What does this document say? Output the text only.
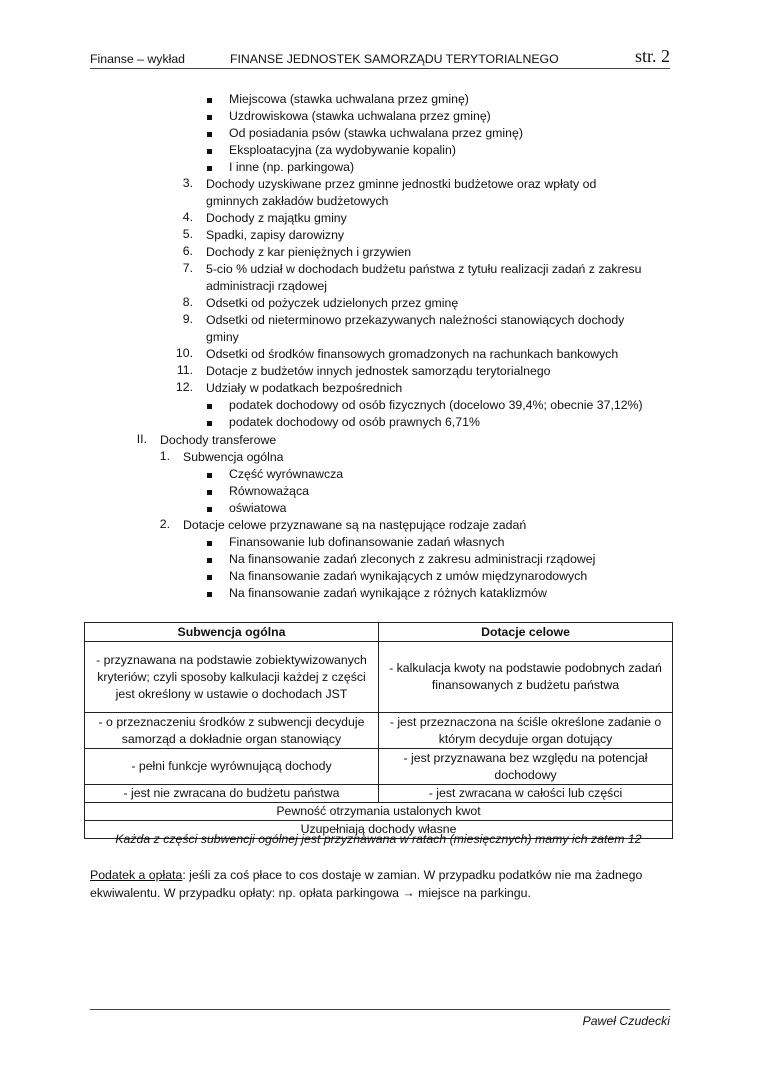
Finanse – wykład	FINANSE JEDNOSTEK SAMORZĄDU TERYTORIALNEGO	str. 2
Miejscowa (stawka uchwalana przez gminę)
Uzdrowiskowa (stawka uchwalana przez gminę)
Od posiadania psów (stawka uchwalana przez gminę)
Eksploatacyjna (za wydobywanie kopalin)
I inne (np. parkingowa)
3. Dochody uzyskiwane przez gminne jednostki budżetowe oraz wpłaty od
gminnych zakładów budżetowych
4. Dochody z majątku gminy
5. Spadki, zapisy darowizny
6. Dochody z kar pieniężnych i grzywien
7. 5-cio % udział w dochodach budżetu państwa z tytułu realizacji zadań z zakresu
administracji rządowej
8. Odsetki od pożyczek udzielonych przez gminę
9. Odsetki od nieterminowo przekazywanych należności stanowiących dochody
gminy
10. Odsetki od środków finansowych gromadzonych na rachunkach bankowych
11. Dotacje z budżetów innych jednostek samorządu terytorialnego
12. Udziały w podatkach bezpośrednich
podatek dochodowy od osób fizycznych (docelowo 39,4%; obecnie 37,12%)
podatek dochodowy od osób prawnych 6,71%
II. Dochody transferowe
1. Subwencja ogólna
Część wyrównawcza
Równoważąca
oświatowa
2. Dotacje celowe przyznawane są na następujące rodzaje zadań
Finansowanie lub dofinansowanie zadań własnych
Na finansowanie zadań zleconych z zakresu administracji rządowej
Na finansowanie zadań wynikających z umów międzynarodowych
Na finansowanie zadań wynikające z różnych kataklizmów
Subwencja ogólna	Dotacje celowe
- przyznawana na podstawie zobiektywizowanych kryteriów; czyli sposoby kalkulacji każdej z części jest określony w ustawie o dochodach JST	- kalkulacja kwoty na podstawie podobnych zadań finansowanych z budżetu państwa
- o przeznaczeniu środków z subwencji decyduje samorząd a dokładnie organ stanowiący	- jest przeznaczona na ściśle określone zadanie o którym decyduje organ dotujący
- pełni funkcje wyrównującą dochody	- jest przyznawana bez względu na potencjał dochodowy
- jest nie zwracana do budżetu państwa	- jest zwracana w całości lub części
Pewność otrzymania ustalonych kwot	
Uzupełniają dochody własne	
Każda z części subwencji ogólnej jest przyznawana w ratach (miesięcznych) mamy ich zatem 12
Podatek a opłata: jeśli za coś płace to cos dostaje w zamian. W przypadku podatków nie ma żadnego ekwiwalentu. W przypadku opłaty: np. opłata parkingowa → miejsce na parkingu.
Paweł Czudecki
